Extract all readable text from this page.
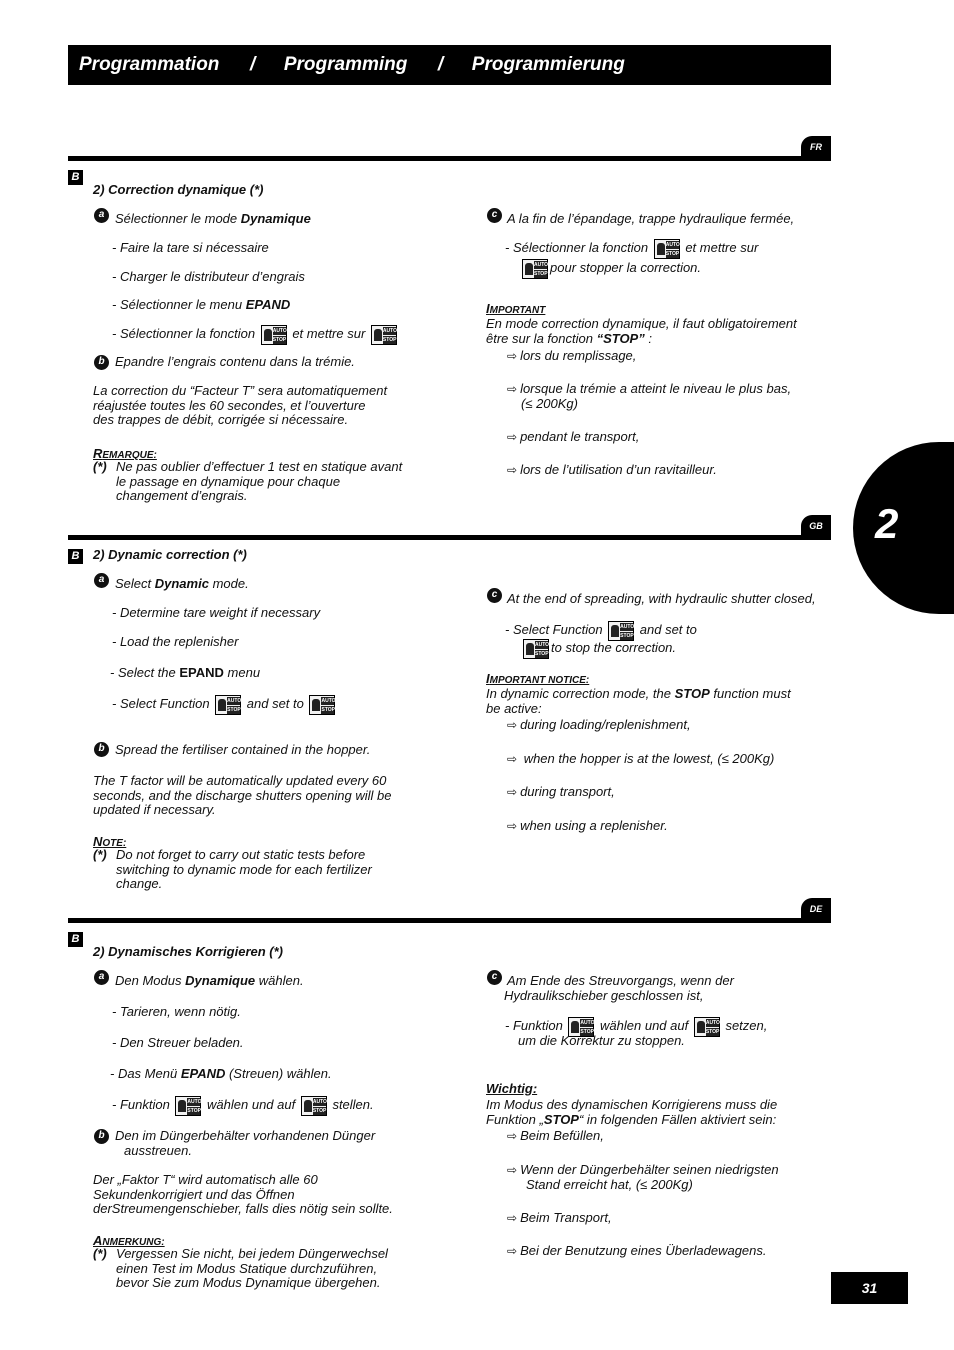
Programmation / Programming / Programmierung
2
FR
B
2) Correction dynamique (*)
a Sélectionner le mode Dynamique
- Faire la tare si nécessaire
- Charger le distributeur d’engrais
- Sélectionner le menu EPAND
- Sélectionner la fonction	AUTO
STOP et mettre sur	AUTO
STOP
b Epandre l’engrais contenu dans la trémie.
La correction du “Facteur T” sera automatiquement
réajustée toutes les 60 secondes, et l’ouverture
des trappes de débit, corrigée si nécessaire.
REMARQUE:
(*) Ne pas oublier d’effectuer 1 test en statique avant
le passage en dynamique pour chaque
changement d’engrais.
c A la fin de l’épandage, trappe hydraulique fermée,
- Sélectionner la fonction	AUTO
STOP et mettre sur
AUTO
STOP pour stopper la correction.
IMPORTANT
En mode correction dynamique, il faut obligatoirement
être sur la fonction “STOP” :
⇨ lors du remplissage,
⇨ lorsque la trémie a atteint le niveau le plus bas,
(≤ 200Kg)
⇨ pendant le transport,
⇨ lors de l’utilisation d’un ravitailleur.
GB
B 2) Dynamic correction (*)
a Select Dynamic mode.
- Determine tare weight if necessary
- Load the replenisher
- Select the EPAND menu
- Select Function	AUTO
STOP and set to	AUTO
STOP
b Spread the fertiliser contained in the hopper.
The T factor will be automatically updated every 60
seconds, and the discharge shutters opening will be
updated if necessary.
NOTE:
(*) Do not forget to carry out static tests before
switching to dynamic mode for each fertilizer
change.
c At the end of spreading, with hydraulic shutter closed,
- Select Function	AUTO
STOP and set to
AUTO
STOP to stop the correction.
IMPORTANT NOTICE:
In dynamic correction mode, the STOP function must
be active:
⇨ during loading/replenishment,
⇨ when the hopper is at the lowest, (≤ 200Kg)
⇨ during transport,
⇨ when using a replenisher.
DE
B
2) Dynamisches Korrigieren (*)
a Den Modus Dynamique wählen.
- Tarieren, wenn nötig.
- Den Streuer beladen.
- Das Menü EPAND (Streuen) wählen.
- Funktion	AUTO
STOP wählen und auf	AUTO
STOP stellen.
b Den im Düngerbehälter vorhandenen Dünger
ausstreuen.
Der „Faktor T“ wird automatisch alle 60
Sekundenkorrigiert und das Öffnen
derStreumengenschieber, falls dies nötig sein sollte.
ANMERKUNG:
(*) Vergessen Sie nicht, bei jedem Düngerwechsel
einen Test im Modus Statique durchzuführen,
bevor Sie zum Modus Dynamique übergehen.
c Am Ende des Streuvorgangs, wenn der
Hydraulikschieber geschlossen ist,
- Funktion	AUTO
STOP wählen und auf	AUTO
STOP setzen,
um die Korrektur zu stoppen.
Wichtig:
Im Modus des dynamischen Korrigierens muss die
Funktion „STOP“ in folgenden Fällen aktiviert sein:
⇨ Beim Befüllen,
⇨ Wenn der Düngerbehälter seinen niedrigsten
Stand erreicht hat, (≤ 200Kg)
⇨ Beim Transport,
⇨ Bei der Benutzung eines Überladewagens.
31
